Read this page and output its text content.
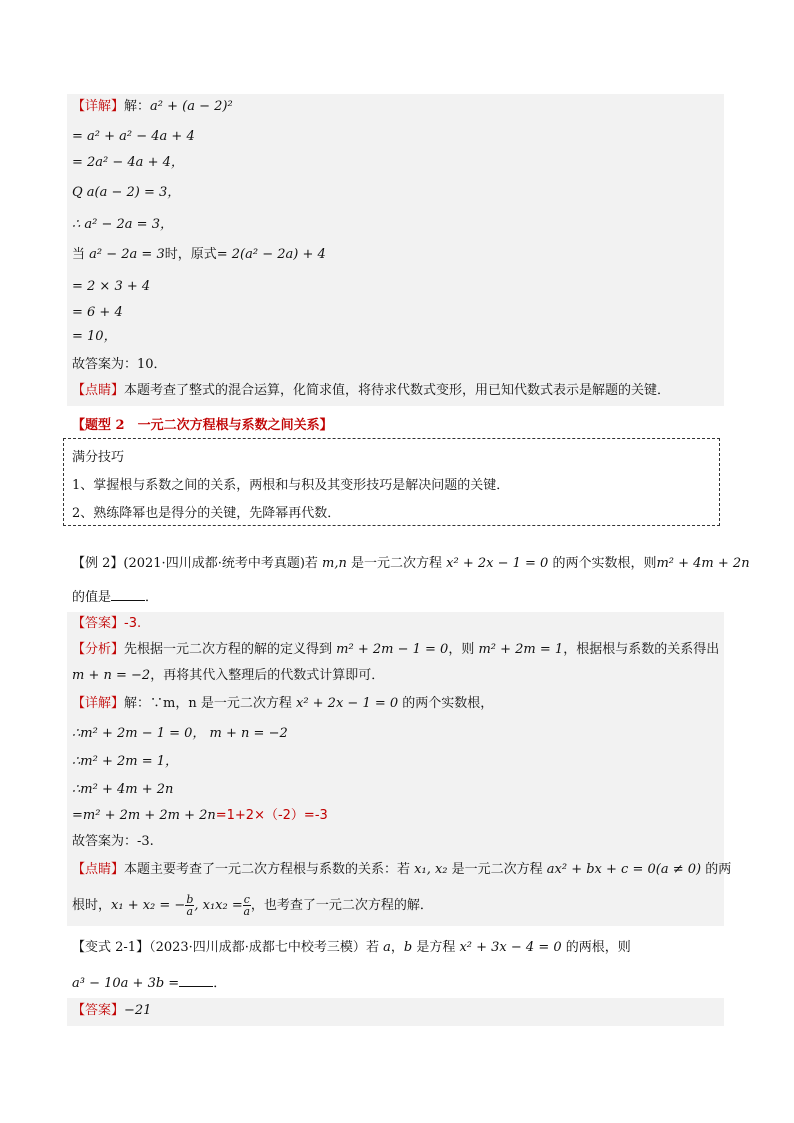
【详解】解：a² + (a − 2)²
= a² + a² − 4a + 4
= 2a² − 4a + 4，
Q a(a − 2) = 3，
∴ a² − 2a = 3，
当 a² − 2a = 3时，原式= 2(a² − 2a) + 4
= 2 × 3 + 4
= 6 + 4
= 10，
故答案为：10．
【点睛】本题考查了整式的混合运算，化简求值，将待求代数式变形，用已知代数式表示是解题的关键．
【题型 2　一元二次方程根与系数之间关系】
满分技巧
1、掌握根与系数之间的关系，两根和与积及其变形技巧是解决问题的关键．
2、熟练降幂也是得分的关键，先降幂再代数．
【例 2】(2021·四川成都·统考中考真题)若 m,n 是一元二次方程 x² + 2x − 1 = 0 的两个实数根，则m² + 4m + 2n
的值是	．
【答案】-3.
【分析】先根据一元二次方程的解的定义得到 m² + 2m − 1 = 0，则 m² + 2m = 1，根据根与系数的关系得出
m + n = −2，再将其代入整理后的代数式计算即可．
【详解】解：∵m，n 是一元二次方程 x² + 2x − 1 = 0 的两个实数根，
∴m² + 2m − 1 = 0， m + n = −2
∴m² + 2m = 1，
∴m² + 4m + 2n
=m² + 2m + 2m + 2n=1+2×（-2）=-3
故答案为：-3.
【点睛】本题主要考查了一元二次方程根与系数的关系：若 x₁, x₂ 是一元二次方程 ax² + bx + c = 0(a ≠ 0) 的两
根时，x₁ + x₂ = − $\frac{b}{a}$ , $x_1x_2 = \frac{c}{a}$ ，也考查了一元二次方程的解．
【变式 2-1】（2023·四川成都·成都七中校考三模）若 a，b 是方程 x² + 3x − 4 = 0 的两根，则
a³ − 10a + 3b =	．
【答案】−21
